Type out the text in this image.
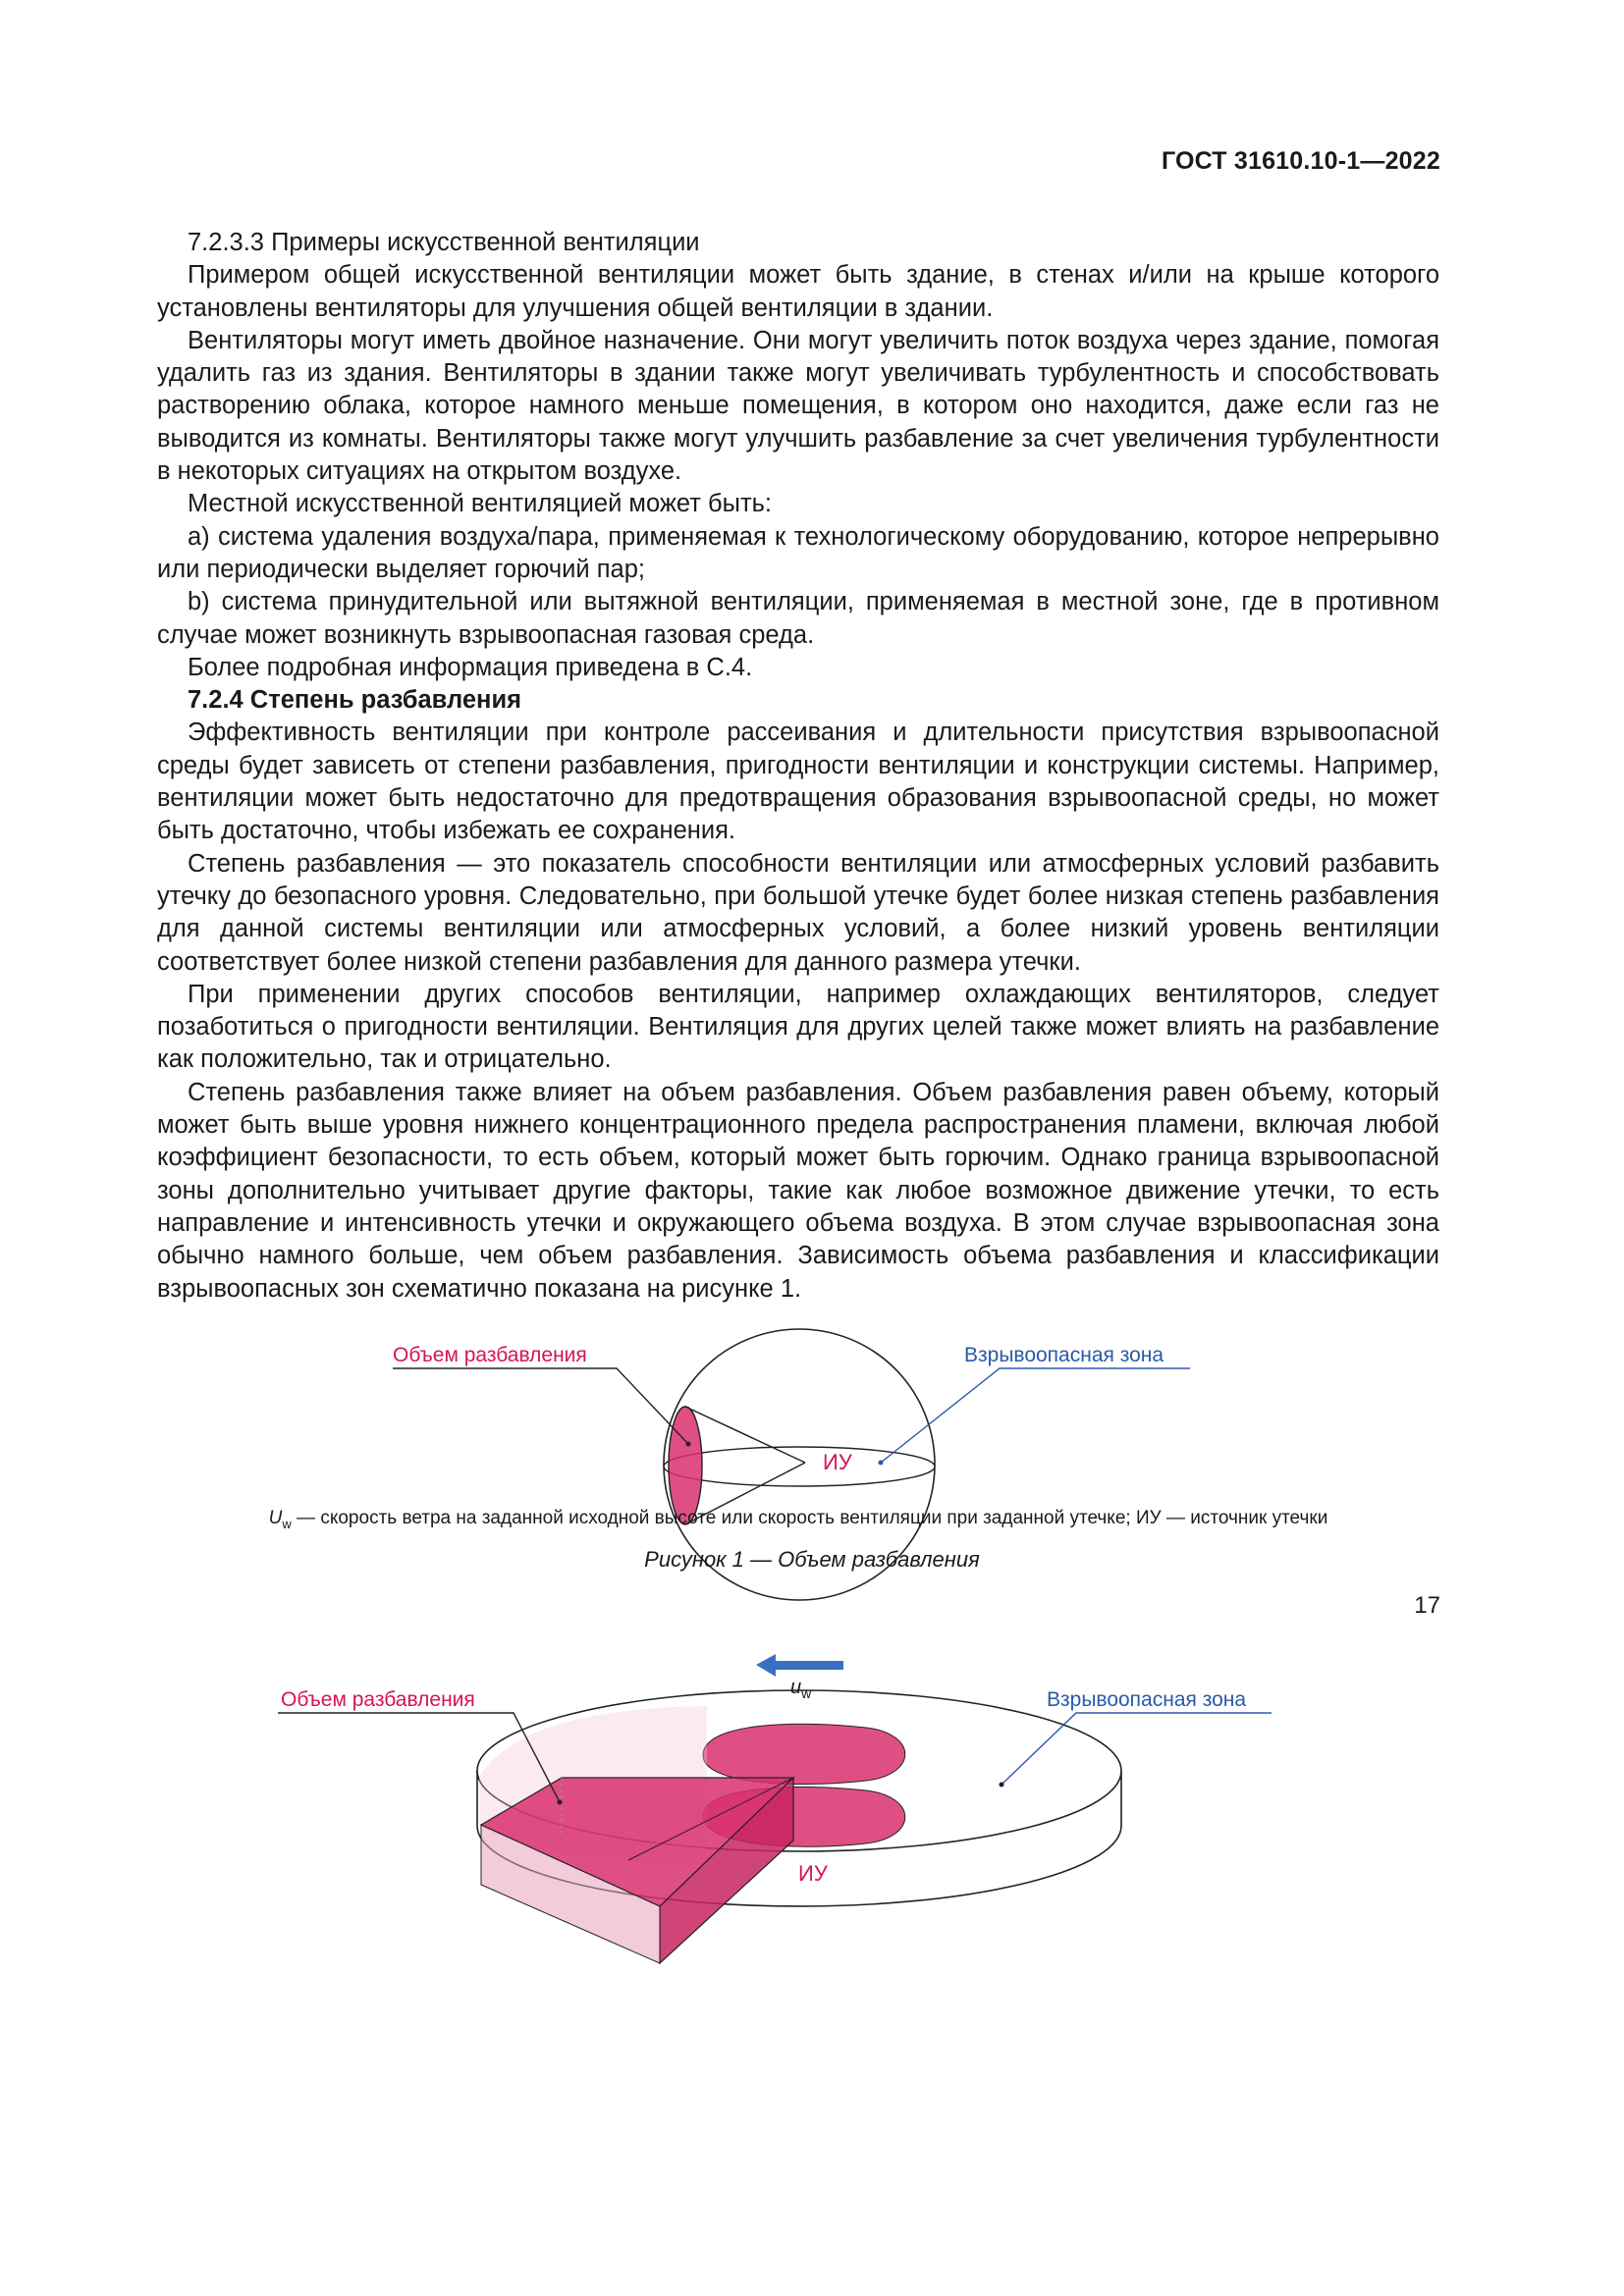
ГОСТ 31610.10-1—2022

7.2.3.3 Примеры искусственной вентиляции

Примером общей искусственной вентиляции может быть здание, в стенах и/или на крыше которого установлены вентиляторы для улучшения общей вентиляции в здании.

Вентиляторы могут иметь двойное назначение. Они могут увеличить поток воздуха через здание, помогая удалить газ из здания. Вентиляторы в здании также могут увеличивать турбулентность и способствовать растворению облака, которое намного меньше помещения, в котором оно находится, даже если газ не выводится из комнаты. Вентиляторы также могут улучшить разбавление за счет увеличения турбулентности в некоторых ситуациях на открытом воздухе.

Местной искусственной вентиляцией может быть:

a) система удаления воздуха/пара, применяемая к технологическому оборудованию, которое непрерывно или периодически выделяет горючий пар;

b) система принудительной или вытяжной вентиляции, применяемая в местной зоне, где в противном случае может возникнуть взрывоопасная газовая среда.

Более подробная информация приведена в С.4.

7.2.4 Степень разбавления

Эффективность вентиляции при контроле рассеивания и длительности присутствия взрывоопасной среды будет зависеть от степени разбавления, пригодности вентиляции и конструкции системы. Например, вентиляции может быть недостаточно для предотвращения образования взрывоопасной среды, но может быть достаточно, чтобы избежать ее сохранения.

Степень разбавления — это показатель способности вентиляции или атмосферных условий разбавить утечку до безопасного уровня. Следовательно, при большой утечке будет более низкая степень разбавления для данной системы вентиляции или атмосферных условий, а более низкий уровень вентиляции соответствует более низкой степени разбавления для данного размера утечки.

При применении других способов вентиляции, например охлаждающих вентиляторов, следует позаботиться о пригодности вентиляции. Вентиляция для других целей также может влиять на разбавление как положительно, так и отрицательно.

Степень разбавления также влияет на объем разбавления. Объем разбавления равен объему, который может быть выше уровня нижнего концентрационного предела распространения пламени, включая любой коэффициент безопасности, то есть объем, который может быть горючим. Однако граница взрывоопасной зоны дополнительно учитывает другие факторы, такие как любое возможное движение утечки, то есть направление и интенсивность утечки и окружающего объема воздуха. В этом случае взрывоопасная зона обычно намного больше, чем объем разбавления. Зависимость объема разбавления и классификации взрывоопасных зон схематично показана на рисунке 1.

Объем разбавления	Взрывоопасная зона
ИУ
$u_w$
Объем разбавления	Взрывоопасная зона
ИУ
$U_w$ — скорость ветра на заданной исходной высоте или скорость вентиляции при заданной утечке; ИУ — источник утечки
Рисунок 1 — Объем разбавления
17
